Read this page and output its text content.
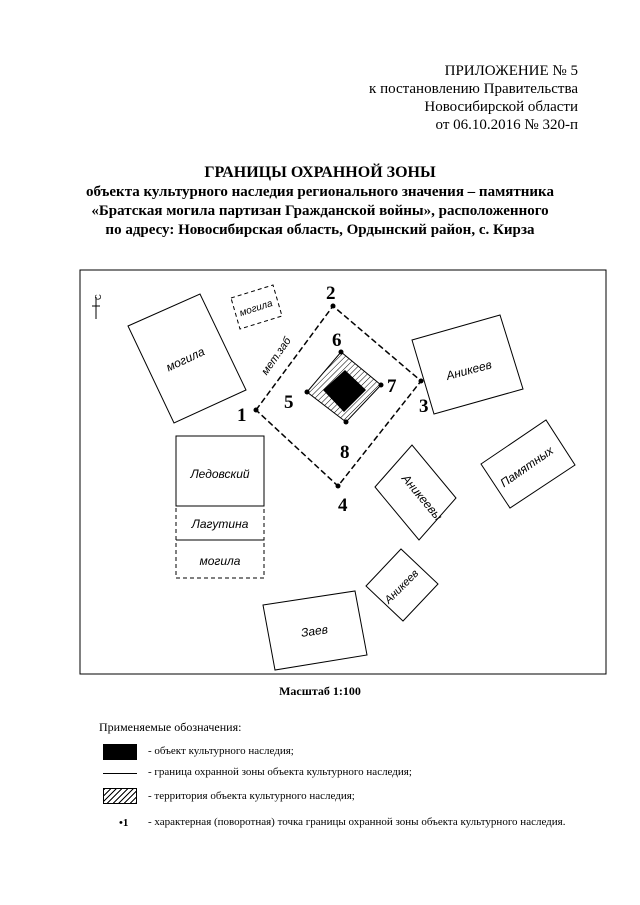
ПРИЛОЖЕНИЕ № 5
к постановлению Правительства
Новосибирской области
от 06.10.2016 № 320-п
ГРАНИЦЫ ОХРАННОЙ ЗОНЫ
объекта культурного наследия регионального значения – памятника
«Братская могила партизан Гражданской войны», расположенного
по адресу: Новосибирская область, Ордынский район, с. Кирза
С
могила
могила
мет.заб
1
2
3
4
5
6
7
8
Ледовский
Лагутина
могила
Аникеев
Памятных
Аникеевы
Аникеев
Заев
Масштаб 1:100
Применяемые обозначения:
- объект культурного наследия;
- граница охранной зоны объекта культурного наследия;
- территория объекта культурного наследия;
•1 - характерная (поворотная) точка границы охранной зоны объекта культурного наследия.
